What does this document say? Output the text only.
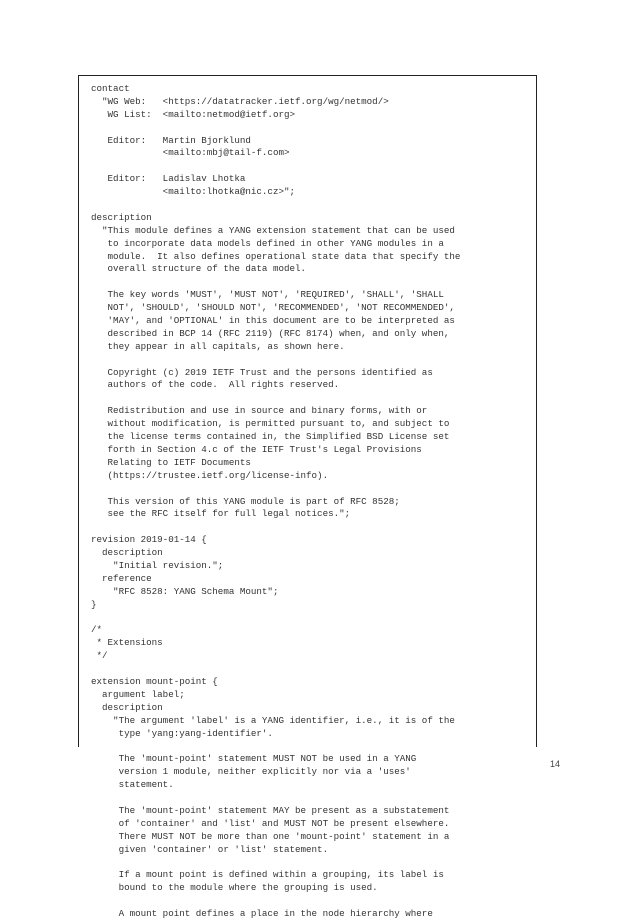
contact
"WG Web:   <https://datatracker.ietf.org/wg/netmod/>
WG List:  <mailto:netmod@ietf.org>

Editor:   Martin Bjorklund
<mailto:mbj@tail-f.com>

Editor:   Ladislav Lhotka
<mailto:lhotka@nic.cz>";

description
"This module defines a YANG extension statement that can be used
to incorporate data models defined in other YANG modules in a
module.  It also defines operational state data that specify the
overall structure of the data model.

The key words 'MUST', 'MUST NOT', 'REQUIRED', 'SHALL', 'SHALL
NOT', 'SHOULD', 'SHOULD NOT', 'RECOMMENDED', 'NOT RECOMMENDED',
'MAY', and 'OPTIONAL' in this document are to be interpreted as
described in BCP 14 (RFC 2119) (RFC 8174) when, and only when,
they appear in all capitals, as shown here.

Copyright (c) 2019 IETF Trust and the persons identified as
authors of the code.  All rights reserved.

Redistribution and use in source and binary forms, with or
without modification, is permitted pursuant to, and subject to
the license terms contained in, the Simplified BSD License set
forth in Section 4.c of the IETF Trust's Legal Provisions
Relating to IETF Documents
(https://trustee.ietf.org/license-info).

This version of this YANG module is part of RFC 8528;
see the RFC itself for full legal notices.";

revision 2019-01-14 {
description
"Initial revision.";
reference
"RFC 8528: YANG Schema Mount";
}

/*
* Extensions
*/

extension mount-point {
argument label;
description
"The argument 'label' is a YANG identifier, i.e., it is of the
type 'yang:yang-identifier'.

The 'mount-point' statement MUST NOT be used in a YANG
version 1 module, neither explicitly nor via a 'uses'
statement.

The 'mount-point' statement MAY be present as a substatement
of 'container' and 'list' and MUST NOT be present elsewhere.
There MUST NOT be more than one 'mount-point' statement in a
given 'container' or 'list' statement.

If a mount point is defined within a grouping, its label is
bound to the module where the grouping is used.

A mount point defines a place in the node hierarchy where
14
